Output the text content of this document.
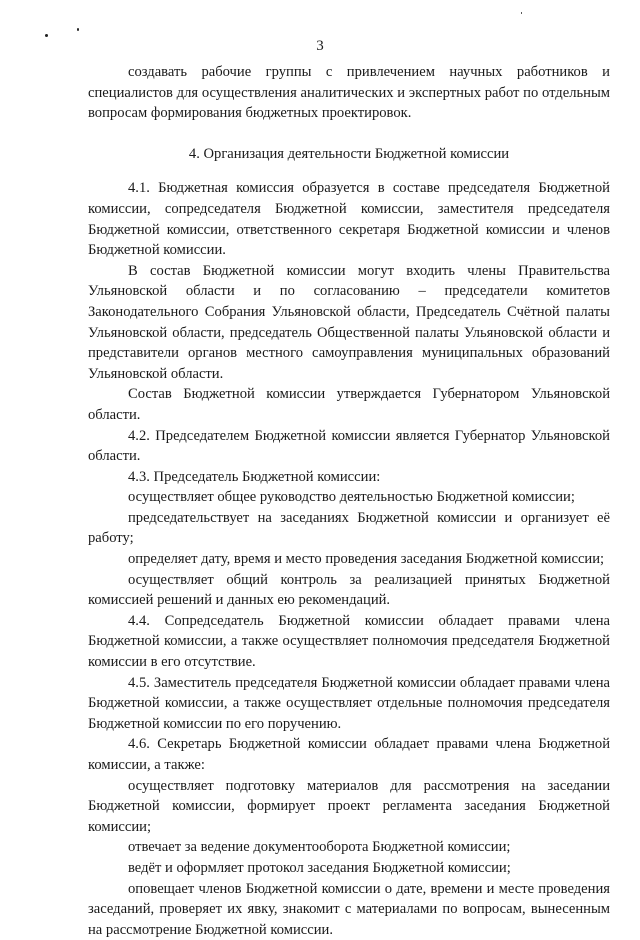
3

создавать рабочие группы с привлечением научных работников и специалистов для осуществления аналитических и экспертных работ по отдельным вопросам формирования бюджетных проектировок.

4. Организация деятельности Бюджетной комиссии

4.1. Бюджетная комиссия образуется в составе председателя Бюджетной комиссии, сопредседателя Бюджетной комиссии, заместителя председателя Бюджетной комиссии, ответственного секретаря Бюджетной комиссии и членов Бюджетной комиссии.

В состав Бюджетной комиссии могут входить члены Правительства Ульяновской области и по согласованию – председатели комитетов Законодательного Собрания Ульяновской области, Председатель Счётной палаты Ульяновской области, председатель Общественной палаты Ульяновской области и представители органов местного самоуправления муниципальных образований Ульяновской области.

Состав Бюджетной комиссии утверждается Губернатором Ульяновской области.

4.2. Председателем Бюджетной комиссии является Губернатор Ульяновской области.

4.3. Председатель Бюджетной комиссии:

осуществляет общее руководство деятельностью Бюджетной комиссии;

председательствует на заседаниях Бюджетной комиссии и организует её работу;

определяет дату, время и место проведения заседания Бюджетной комиссии;

осуществляет общий контроль за реализацией принятых Бюджетной комиссией решений и данных ею рекомендаций.

4.4. Сопредседатель Бюджетной комиссии обладает правами члена Бюджетной комиссии, а также осуществляет полномочия председателя Бюджетной комиссии в его отсутствие.

4.5. Заместитель председателя Бюджетной комиссии обладает правами члена Бюджетной комиссии, а также осуществляет отдельные полномочия председателя Бюджетной комиссии по его поручению.

4.6. Секретарь Бюджетной комиссии обладает правами члена Бюджетной комиссии, а также:

осуществляет подготовку материалов для рассмотрения на заседании Бюджетной комиссии, формирует проект регламента заседания Бюджетной комиссии;

отвечает за ведение документооборота Бюджетной комиссии;

ведёт и оформляет протокол заседания Бюджетной комиссии;

оповещает членов Бюджетной комиссии о дате, времени и месте проведения заседаний, проверяет их явку, знакомит с материалами по вопросам, вынесенным на рассмотрение Бюджетной комиссии.
